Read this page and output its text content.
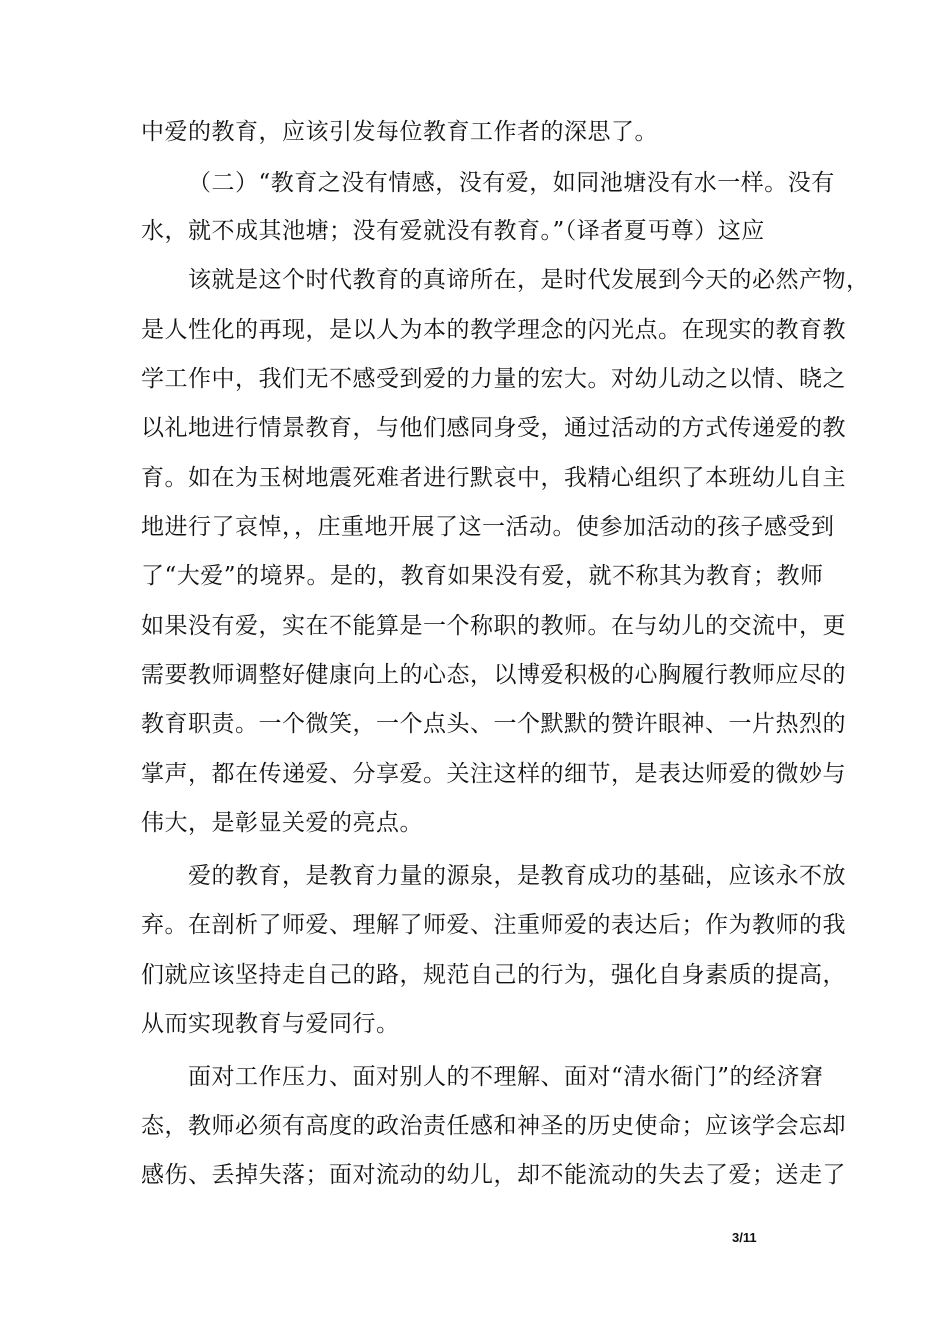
中爱的教育，应该引发每位教育工作者的深思了。
（二）“教育之没有情感，没有爱，如同池塘没有水一样。没有
水，就不成其池塘；没有爱就没有教育。”（译者夏丏尊）这应
该就是这个时代教育的真谛所在，是时代发展到今天的必然产物，
是人性化的再现，是以人为本的教学理念的闪光点。在现实的教育教
学工作中，我们无不感受到爱的力量的宏大。对幼儿动之以情、晓之
以礼地进行情景教育，与他们感同身受，通过活动的方式传递爱的教
育。如在为玉树地震死难者进行默哀中，我精心组织了本班幼儿自主
地进行了哀悼，，庄重地开展了这一活动。使参加活动的孩子感受到
了“大爱”的境界。是的，教育如果没有爱，就不称其为教育；教师
如果没有爱，实在不能算是一个称职的教师。在与幼儿的交流中，更
需要教师调整好健康向上的心态，以博爱积极的心胸履行教师应尽的
教育职责。一个微笑，一个点头、一个默默的赞许眼神、一片热烈的
掌声，都在传递爱、分享爱。关注这样的细节，是表达师爱的微妙与
伟大，是彰显关爱的亮点。
爱的教育，是教育力量的源泉，是教育成功的基础，应该永不放
弃。在剖析了师爱、理解了师爱、注重师爱的表达后；作为教师的我
们就应该坚持走自己的路，规范自己的行为，强化自身素质的提高，
从而实现教育与爱同行。
面对工作压力、面对别人的不理解、面对“清水衙门”的经济窘
态，教师必须有高度的政治责任感和神圣的历史使命；应该学会忘却
感伤、丢掉失落；面对流动的幼儿，却不能流动的失去了爱；送走了
3/11
